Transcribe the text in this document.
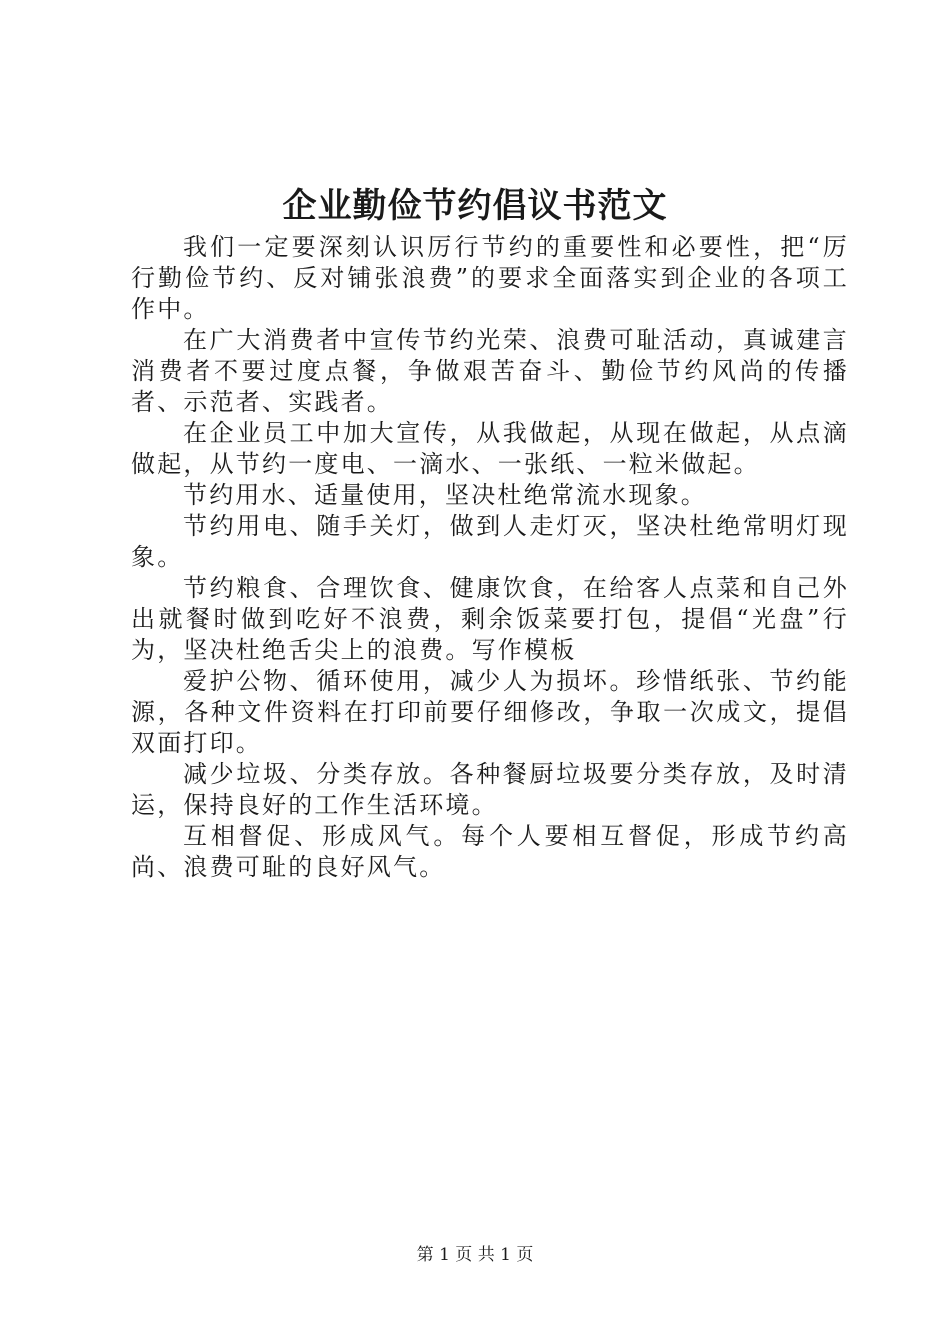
企业勤俭节约倡议书范文

我们一定要深刻认识厉行节约的重要性和必要性，把“厉行勤俭节约、反对铺张浪费”的要求全面落实到企业的各项工作中。

在广大消费者中宣传节约光荣、浪费可耻活动，真诚建言消费者不要过度点餐，争做艰苦奋斗、勤俭节约风尚的传播者、示范者、实践者。

在企业员工中加大宣传，从我做起，从现在做起，从点滴做起，从节约一度电、一滴水、一张纸、一粒米做起。

节约用水、适量使用，坚决杜绝常流水现象。

节约用电、随手关灯，做到人走灯灭，坚决杜绝常明灯现象。

节约粮食、合理饮食、健康饮食，在给客人点菜和自己外出就餐时做到吃好不浪费，剩余饭菜要打包，提倡“光盘”行为，坚决杜绝舌尖上的浪费。写作模板

爱护公物、循环使用，减少人为损坏。珍惜纸张、节约能源，各种文件资料在打印前要仔细修改，争取一次成文，提倡双面打印。

减少垃圾、分类存放。各种餐厨垃圾要分类存放，及时清运，保持良好的工作生活环境。

互相督促、形成风气。每个人要相互督促，形成节约高尚、浪费可耻的良好风气。

第 1 页 共 1 页
